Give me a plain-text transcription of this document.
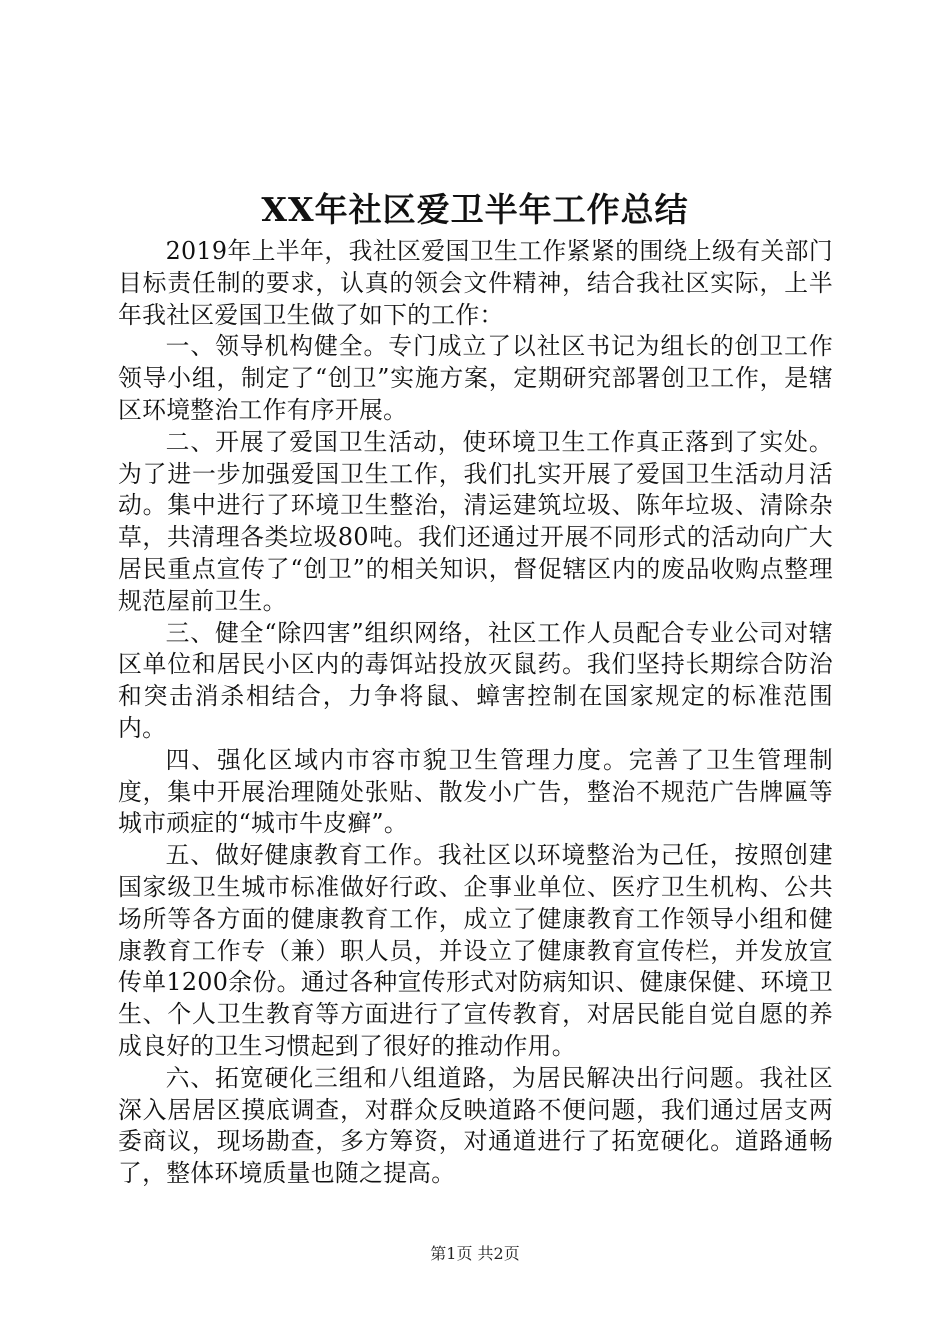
XX年社区爱卫半年工作总结

2019年上半年，我社区爱国卫生工作紧紧的围绕上级有关部门目标责任制的要求，认真的领会文件精神，结合我社区实际，上半年我社区爱国卫生做了如下的工作：

一、领导机构健全。专门成立了以社区书记为组长的创卫工作领导小组，制定了“创卫”实施方案，定期研究部署创卫工作，是辖区环境整治工作有序开展。

二、开展了爱国卫生活动，使环境卫生工作真正落到了实处。为了进一步加强爱国卫生工作，我们扎实开展了爱国卫生活动月活动。集中进行了环境卫生整治，清运建筑垃圾、陈年垃圾、清除杂草，共清理各类垃圾80吨。我们还通过开展不同形式的活动向广大居民重点宣传了“创卫”的相关知识，督促辖区内的废品收购点整理规范屋前卫生。

三、健全“除四害”组织网络，社区工作人员配合专业公司对辖区单位和居民小区内的毒饵站投放灭鼠药。我们坚持长期综合防治和突击消杀相结合，力争将鼠、蟑害控制在国家规定的标准范围内。

四、强化区域内市容市貌卫生管理力度。完善了卫生管理制度，集中开展治理随处张贴、散发小广告，整治不规范广告牌匾等城市顽症的“城市牛皮癣”。

五、做好健康教育工作。我社区以环境整治为己任，按照创建国家级卫生城市标准做好行政、企事业单位、医疗卫生机构、公共场所等各方面的健康教育工作，成立了健康教育工作领导小组和健康教育工作专（兼）职人员，并设立了健康教育宣传栏，并发放宣传单1200余份。通过各种宣传形式对防病知识、健康保健、环境卫生、个人卫生教育等方面进行了宣传教育，对居民能自觉自愿的养成良好的卫生习惯起到了很好的推动作用。

六、拓宽硬化三组和八组道路，为居民解决出行问题。我社区深入居居区摸底调查，对群众反映道路不便问题，我们通过居支两委商议，现场勘查，多方筹资，对通道进行了拓宽硬化。道路通畅了，整体环境质量也随之提高。

第1页 共2页
